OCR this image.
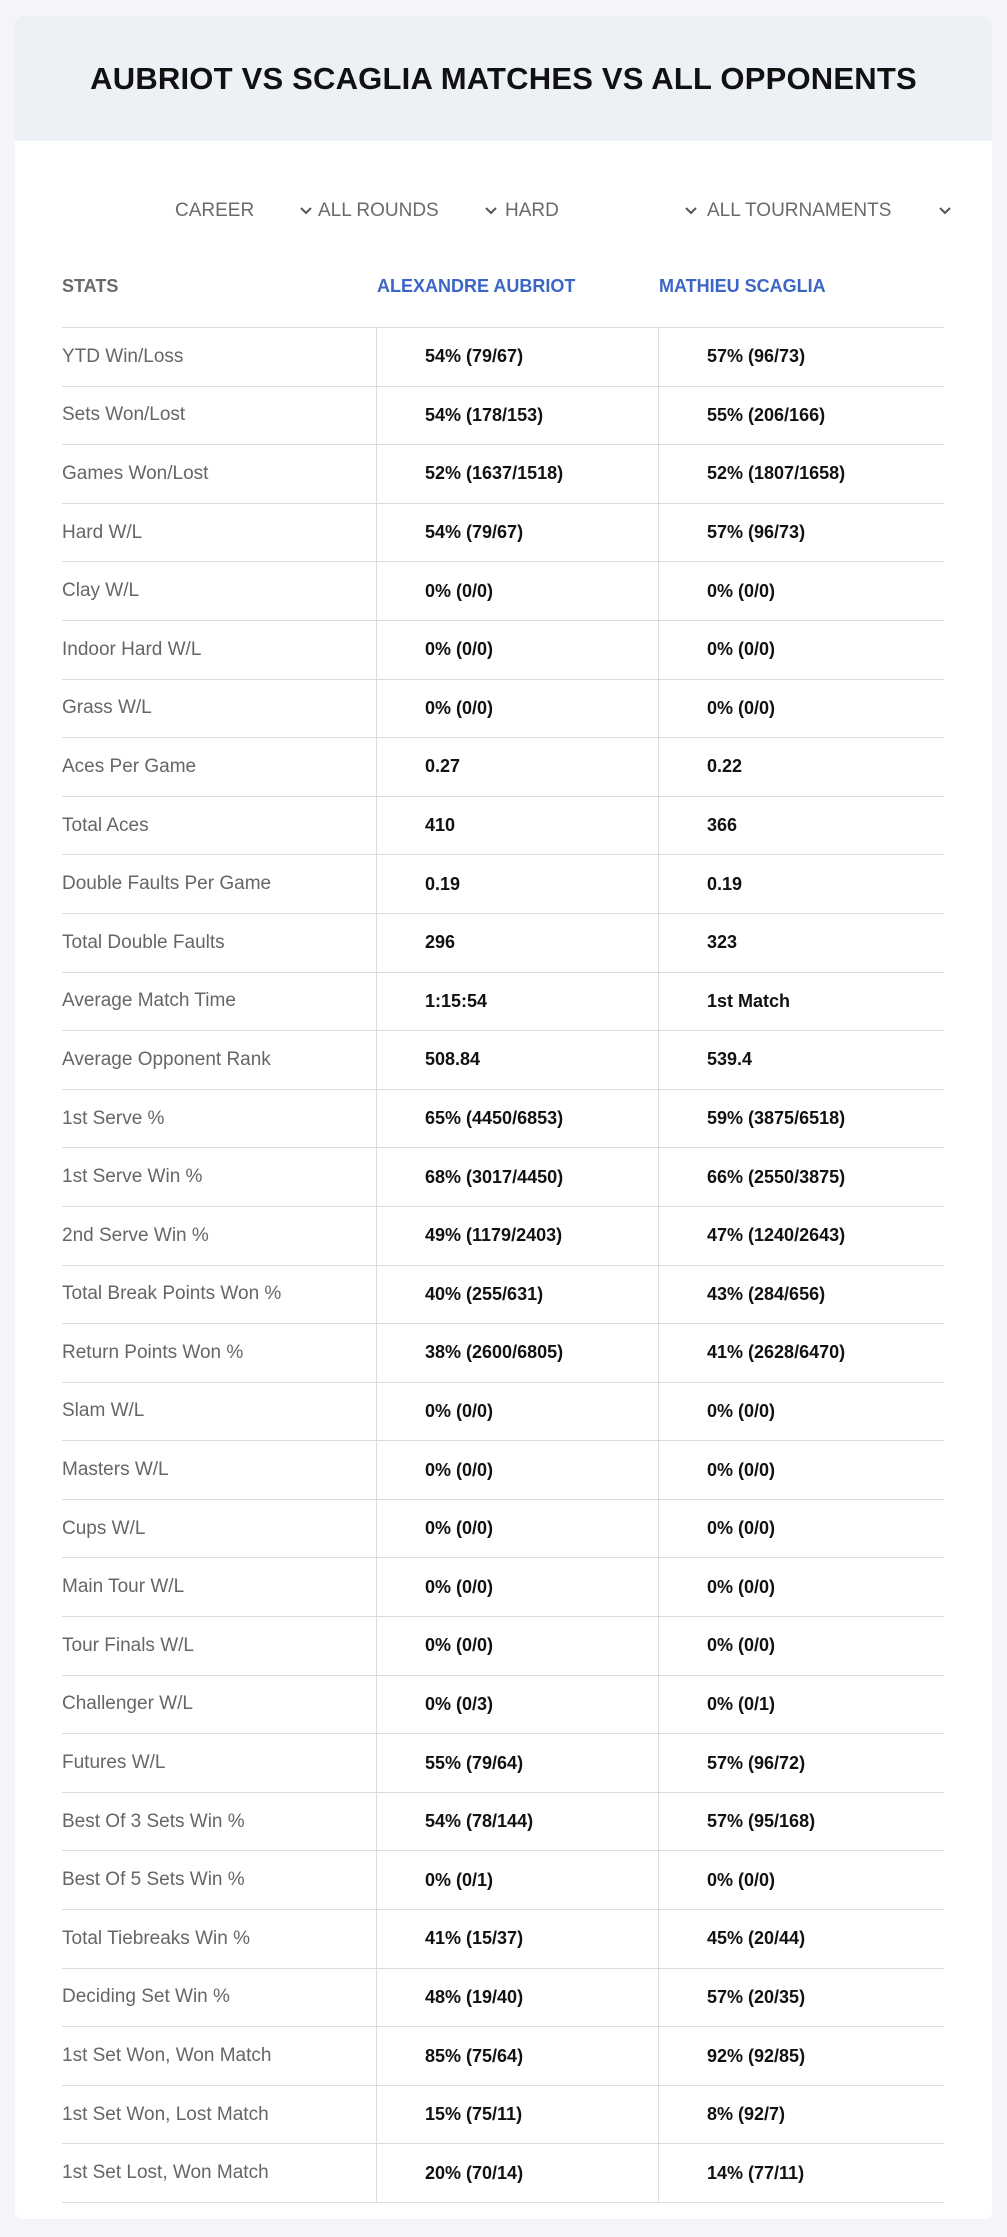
AUBRIOT VS SCAGLIA MATCHES VS ALL OPPONENTS
CAREER	ALL ROUNDS	HARD	ALL TOURNAMENTS
STATS	ALEXANDRE AUBRIOT	MATHIEU SCAGLIA
YTD Win/Loss	54% (79/67)	57% (96/73)
Sets Won/Lost	54% (178/153)	55% (206/166)
Games Won/Lost	52% (1637/1518)	52% (1807/1658)
Hard W/L	54% (79/67)	57% (96/73)
Clay W/L	0% (0/0)	0% (0/0)
Indoor Hard W/L	0% (0/0)	0% (0/0)
Grass W/L	0% (0/0)	0% (0/0)
Aces Per Game	0.27	0.22
Total Aces	410	366
Double Faults Per Game	0.19	0.19
Total Double Faults	296	323
Average Match Time	1:15:54	1st Match
Average Opponent Rank	508.84	539.4
1st Serve %	65% (4450/6853)	59% (3875/6518)
1st Serve Win %	68% (3017/4450)	66% (2550/3875)
2nd Serve Win %	49% (1179/2403)	47% (1240/2643)
Total Break Points Won %	40% (255/631)	43% (284/656)
Return Points Won %	38% (2600/6805)	41% (2628/6470)
Slam W/L	0% (0/0)	0% (0/0)
Masters W/L	0% (0/0)	0% (0/0)
Cups W/L	0% (0/0)	0% (0/0)
Main Tour W/L	0% (0/0)	0% (0/0)
Tour Finals W/L	0% (0/0)	0% (0/0)
Challenger W/L	0% (0/3)	0% (0/1)
Futures W/L	55% (79/64)	57% (96/72)
Best Of 3 Sets Win %	54% (78/144)	57% (95/168)
Best Of 5 Sets Win %	0% (0/1)	0% (0/0)
Total Tiebreaks Win %	41% (15/37)	45% (20/44)
Deciding Set Win %	48% (19/40)	57% (20/35)
1st Set Won, Won Match	85% (75/64)	92% (92/85)
1st Set Won, Lost Match	15% (75/11)	8% (92/7)
1st Set Lost, Won Match	20% (70/14)	14% (77/11)
